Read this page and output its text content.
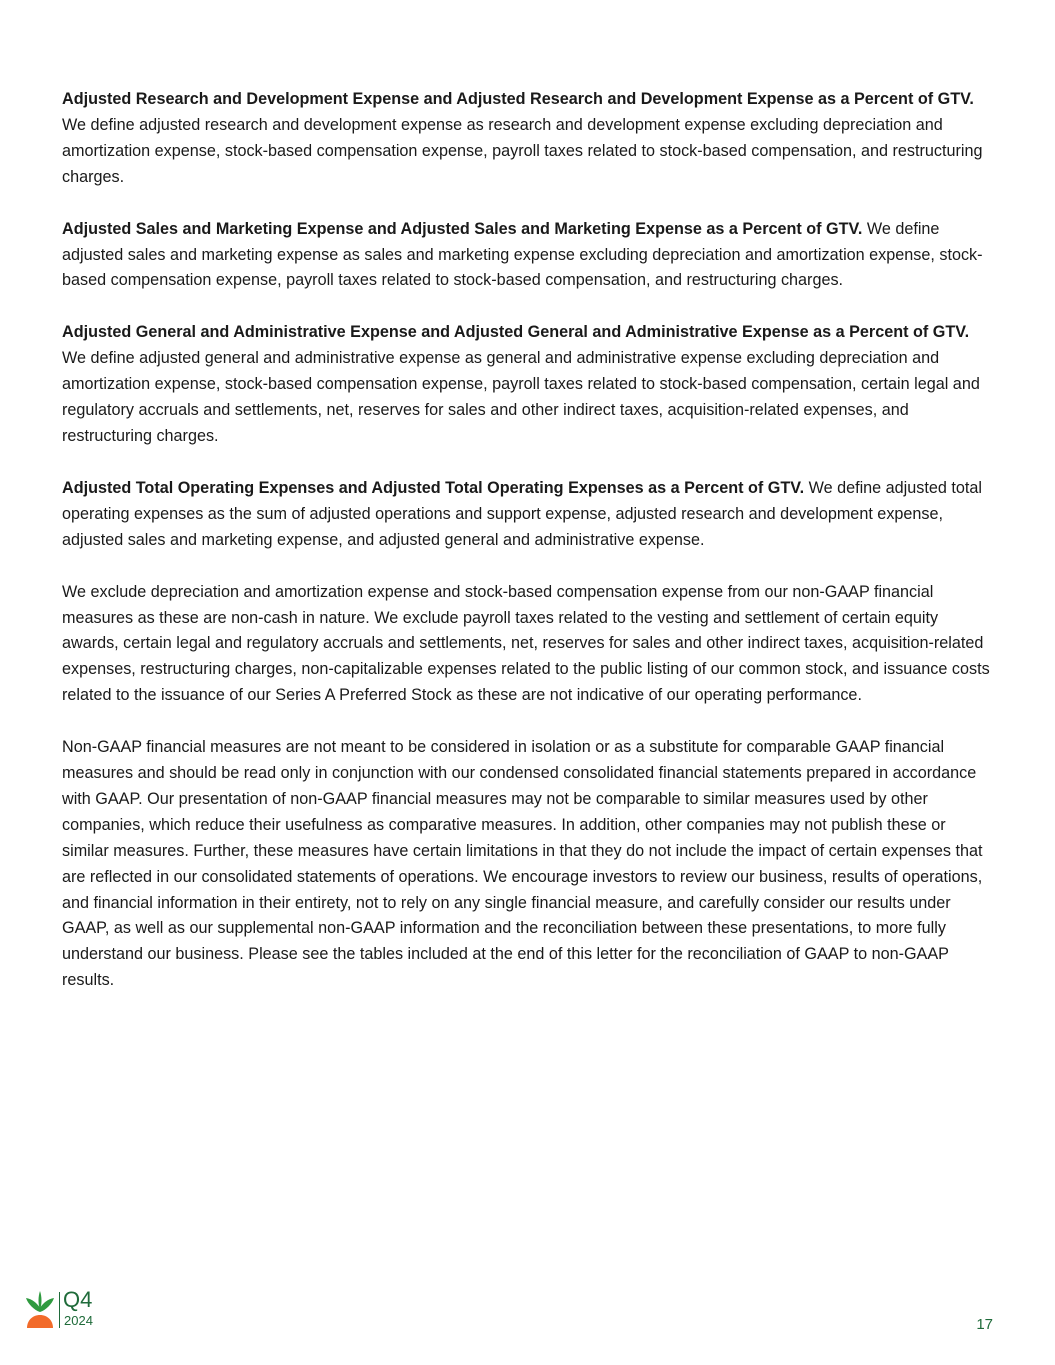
Adjusted Research and Development Expense and Adjusted Research and Development Expense as a Percent of GTV. We define adjusted research and development expense as research and development expense excluding depreciation and amortization expense, stock-based compensation expense, payroll taxes related to stock-based compensation, and restructuring charges.

Adjusted Sales and Marketing Expense and Adjusted Sales and Marketing Expense as a Percent of GTV. We define adjusted sales and marketing expense as sales and marketing expense excluding depreciation and amortization expense, stock-based compensation expense, payroll taxes related to stock-based compensation, and restructuring charges.

Adjusted General and Administrative Expense and Adjusted General and Administrative Expense as a Percent of GTV. We define adjusted general and administrative expense as general and administrative expense excluding depreciation and amortization expense, stock-based compensation expense, payroll taxes related to stock-based compensation, certain legal and regulatory accruals and settlements, net, reserves for sales and other indirect taxes, acquisition-related expenses, and restructuring charges.

Adjusted Total Operating Expenses and Adjusted Total Operating Expenses as a Percent of GTV. We define adjusted total operating expenses as the sum of adjusted operations and support expense, adjusted research and development expense, adjusted sales and marketing expense, and adjusted general and administrative expense.

We exclude depreciation and amortization expense and stock-based compensation expense from our non-GAAP financial measures as these are non-cash in nature. We exclude payroll taxes related to the vesting and settlement of certain equity awards, certain legal and regulatory accruals and settlements, net, reserves for sales and other indirect taxes, acquisition-related expenses, restructuring charges, non-capitalizable expenses related to the public listing of our common stock, and issuance costs related to the issuance of our Series A Preferred Stock as these are not indicative of our operating performance.

Non-GAAP financial measures are not meant to be considered in isolation or as a substitute for comparable GAAP financial measures and should be read only in conjunction with our condensed consolidated financial statements prepared in accordance with GAAP. Our presentation of non-GAAP financial measures may not be comparable to similar measures used by other companies, which reduce their usefulness as comparative measures. In addition, other companies may not publish these or similar measures. Further, these measures have certain limitations in that they do not include the impact of certain expenses that are reflected in our consolidated statements of operations. We encourage investors to review our business, results of operations, and financial information in their entirety, not to rely on any single financial measure, and carefully consider our results under GAAP, as well as our supplemental non-GAAP information and the reconciliation between these presentations, to more fully understand our business. Please see the tables included at the end of this letter for the reconciliation of GAAP to non-GAAP results.

Q4
2024	17
